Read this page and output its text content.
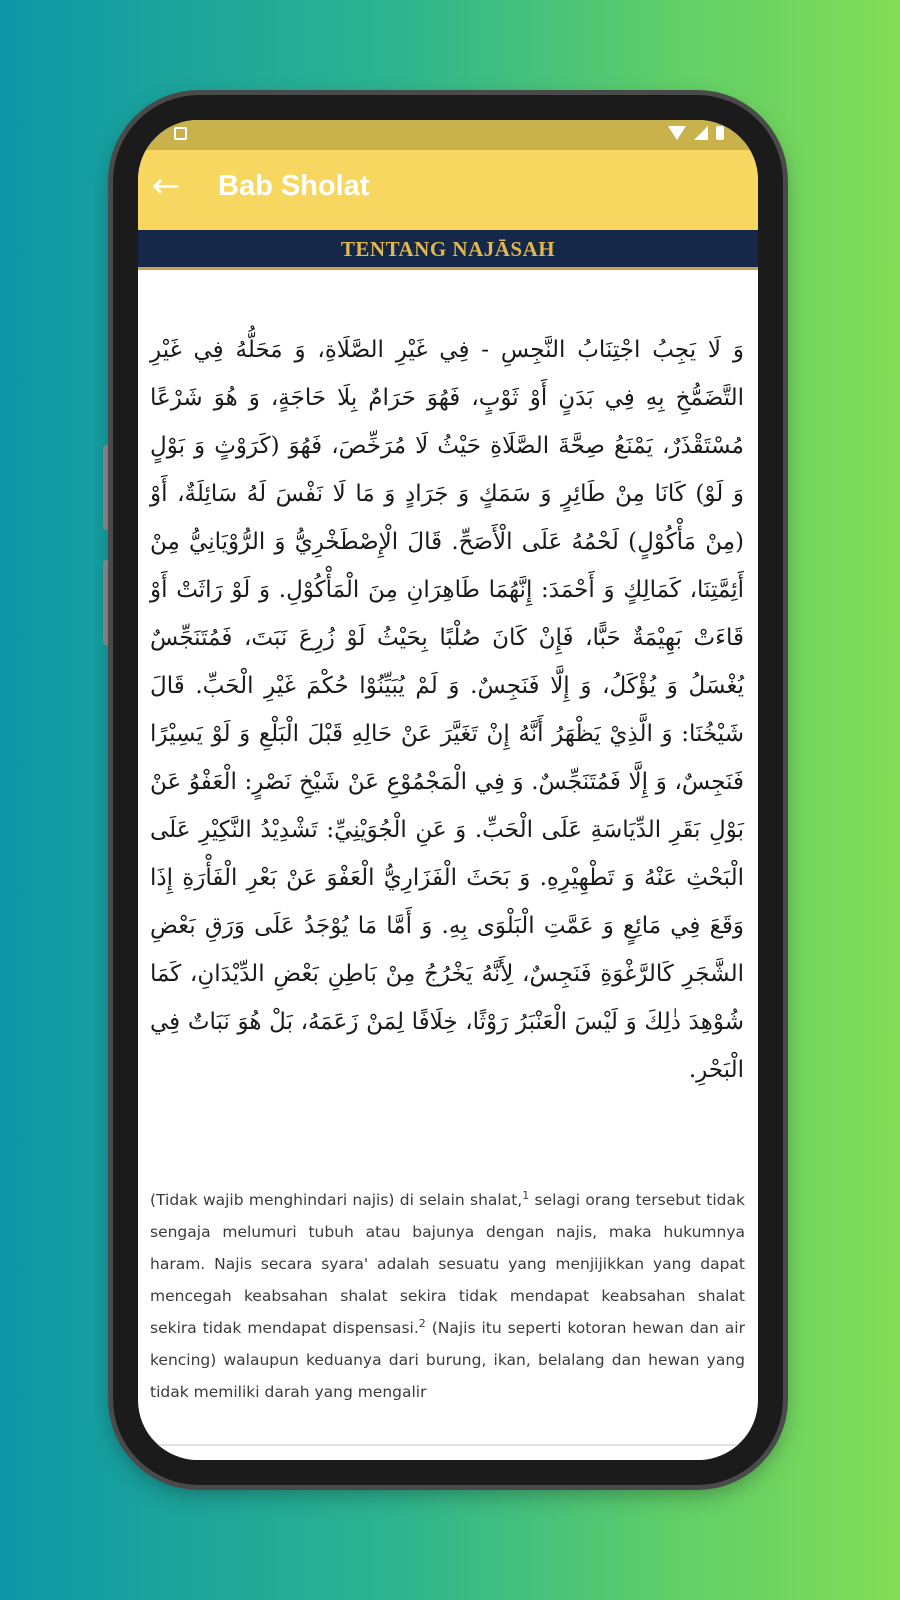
← Bab Sholat
TENTANG NAJĀSAH
وَ لَا يَجِبُ اجْتِنَابُ النَّجِسِ - فِي غَيْرِ الصَّلَاةِ، وَ مَحَلُّهُ فِي غَيْرِ التَّضَمُّخِ بِهِ فِي بَدَنٍ أَوْ ثَوْبٍ، فَهُوَ حَرَامٌ بِلَا حَاجَةٍ، وَ هُوَ شَرْعًا مُسْتَقْذَرٌ، يَمْنَعُ صِحَّةَ الصَّلَاةِ حَيْثُ لَا مُرَخِّصَ، فَهُوَ (كَرَوْثٍ وَ بَوْلٍ وَ لَوْ) كَانَا مِنْ طَائِرٍ وَ سَمَكٍ وَ جَرَادٍ وَ مَا لَا نَفْسَ لَهُ سَائِلَةٌ، أَوْ (مِنْ مَأْكُوْلٍ) لَحْمُهُ عَلَى الْأَصَحِّ. قَالَ الْإِصْطَخْرِيُّ وَ الرُّوْيَانِيُّ مِنْ أَئِمَّتِنَا، كَمَالِكٍ وَ أَحْمَدَ: إِنَّهُمَا طَاهِرَانِ مِنَ الْمَأْكُوْلِ. وَ لَوْ رَاثَتْ أَوْ قَاءَتْ بَهِيْمَةٌ حَبًّا، فَإِنْ كَانَ صُلْبًا بِحَيْثُ لَوْ زُرِعَ نَبَتَ، فَمُتَنَجِّسٌ يُغْسَلُ وَ يُؤْكَلُ، وَ إِلَّا فَنَجِسٌ. وَ لَمْ يُبَيِّنُوْا حُكْمَ غَيْرِ الْحَبِّ. قَالَ شَيْخُنَا: وَ الَّذِيْ يَظْهَرُ أَنَّهُ إِنْ تَغَيَّرَ عَنْ حَالِهِ قَبْلَ الْبَلْعِ وَ لَوْ يَسِيْرًا فَنَجِسٌ، وَ إِلَّا فَمُتَنَجِّسٌ. وَ فِي الْمَجْمُوْعِ عَنْ شَيْخِ نَصْرٍ: الْعَفْوُ عَنْ بَوْلِ بَقَرِ الدِّيَاسَةِ عَلَى الْحَبِّ. وَ عَنِ الْجُوَيْنِيِّ: تَشْدِيْدُ النَّكِيْرِ عَلَى الْبَحْثِ عَنْهُ وَ تَطْهِيْرِهِ. وَ بَحَثَ الْفَزَارِيُّ الْعَفْوَ عَنْ بَعْرِ الْفَأْرَةِ إِذَا وَقَعَ فِي مَائِعٍ وَ عَمَّتِ الْبَلْوَى بِهِ. وَ أَمَّا مَا يُوْجَدُ عَلَى وَرَقِ بَعْضِ الشَّجَرِ كَالرَّغْوَةِ فَنَجِسٌ، لِأَنَّهُ يَخْرُجُ مِنْ بَاطِنِ بَعْضِ الدِّيْدَانِ، كَمَا شُوْهِدَ ذٰلِكَ وَ لَيْسَ الْعَنْبَرُ رَوْثًا، خِلَافًا لِمَنْ زَعَمَهُ، بَلْ هُوَ نَبَاتٌ فِي الْبَحْرِ.
(Tidak wajib menghindari najis) di selain shalat,$^1$ selagi orang tersebut tidak sengaja melumuri tubuh atau bajunya dengan najis, maka hukumnya haram. Najis secara syara' adalah sesuatu yang menjijikkan yang dapat mencegah keabsahan shalat sekira tidak mendapat keabsahan shalat sekira tidak mendapat dispensasi.$^2$ (Najis itu seperti kotoran hewan dan air kencing) walaupun keduanya dari burung, ikan, belalang dan hewan yang tidak memiliki darah yang mengalir
